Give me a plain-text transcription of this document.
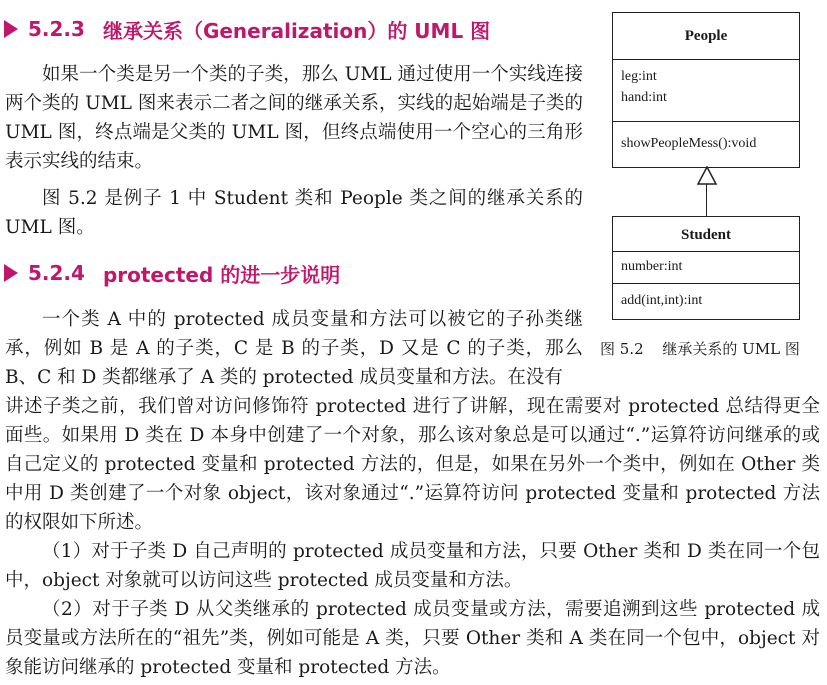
5.2.3 继承关系（Generalization）的 UML 图

如果一个类是另一个类的子类，那么 UML 通过使用一个实线连接两个类的 UML 图来表示二者之间的继承关系，实线的起始端是子类的 UML 图，终点端是父类的 UML 图，但终点端使用一个空心的三角形表示实线的结束。

图 5.2 是例子 1 中 Student 类和 People 类之间的继承关系的 UML 图。

5.2.4 protected 的进一步说明

一个类 A 中的 protected 成员变量和方法可以被它的子孙类继承，例如 B 是 A 的子类，C 是 B 的子类，D 又是 C 的子类，那么 B、C 和 D 类都继承了 A 类的 protected 成员变量和方法。在没有

讲述子类之前，我们曾对访问修饰符 protected 进行了讲解，现在需要对 protected 总结得更全面些。如果用 D 类在 D 本身中创建了一个对象，那么该对象总是可以通过“.”运算符访问继承的或自己定义的 protected 变量和 protected 方法的，但是，如果在另外一个类中，例如在 Other 类中用 D 类创建了一个对象 object，该对象通过“.”运算符访问 protected 变量和 protected 方法的权限如下所述。

（1）对于子类 D 自己声明的 protected 成员变量和方法，只要 Other 类和 D 类在同一个包中，object 对象就可以访问这些 protected 成员变量和方法。

（2）对于子类 D 从父类继承的 protected 成员变量或方法，需要追溯到这些 protected 成员变量或方法所在的“祖先”类，例如可能是 A 类，只要 Other 类和 A 类在同一个包中，object 对象能访问继承的 protected 变量和 protected 方法。

People
leg:int
hand:int
showPeopleMess():void
Student
number:int
add(int,int):int
图 5.2 继承关系的 UML 图
